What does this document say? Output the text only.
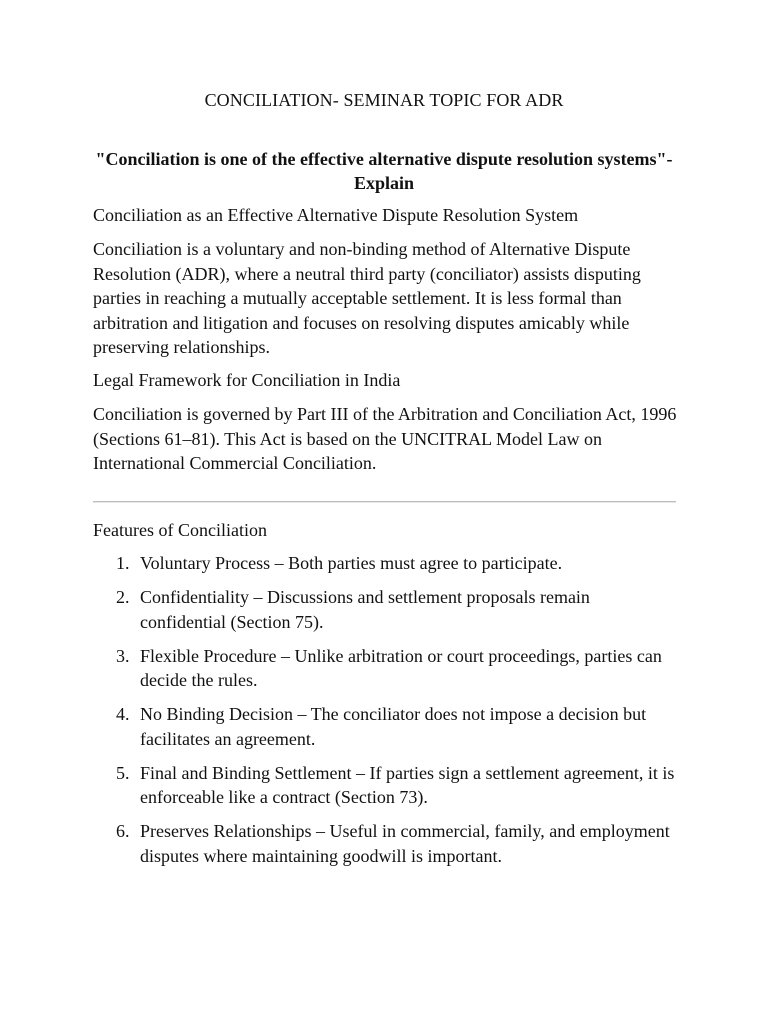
CONCILIATION- SEMINAR TOPIC FOR ADR
"Conciliation is one of the effective alternative dispute resolution systems"- Explain
Conciliation as an Effective Alternative Dispute Resolution System
Conciliation is a voluntary and non-binding method of Alternative Dispute Resolution (ADR), where a neutral third party (conciliator) assists disputing parties in reaching a mutually acceptable settlement. It is less formal than arbitration and litigation and focuses on resolving disputes amicably while preserving relationships.
Legal Framework for Conciliation in India
Conciliation is governed by Part III of the Arbitration and Conciliation Act, 1996 (Sections 61–81). This Act is based on the UNCITRAL Model Law on International Commercial Conciliation.
Features of Conciliation
1. Voluntary Process – Both parties must agree to participate.
2. Confidentiality – Discussions and settlement proposals remain confidential (Section 75).
3. Flexible Procedure – Unlike arbitration or court proceedings, parties can decide the rules.
4. No Binding Decision – The conciliator does not impose a decision but facilitates an agreement.
5. Final and Binding Settlement – If parties sign a settlement agreement, it is enforceable like a contract (Section 73).
6. Preserves Relationships – Useful in commercial, family, and employment disputes where maintaining goodwill is important.
